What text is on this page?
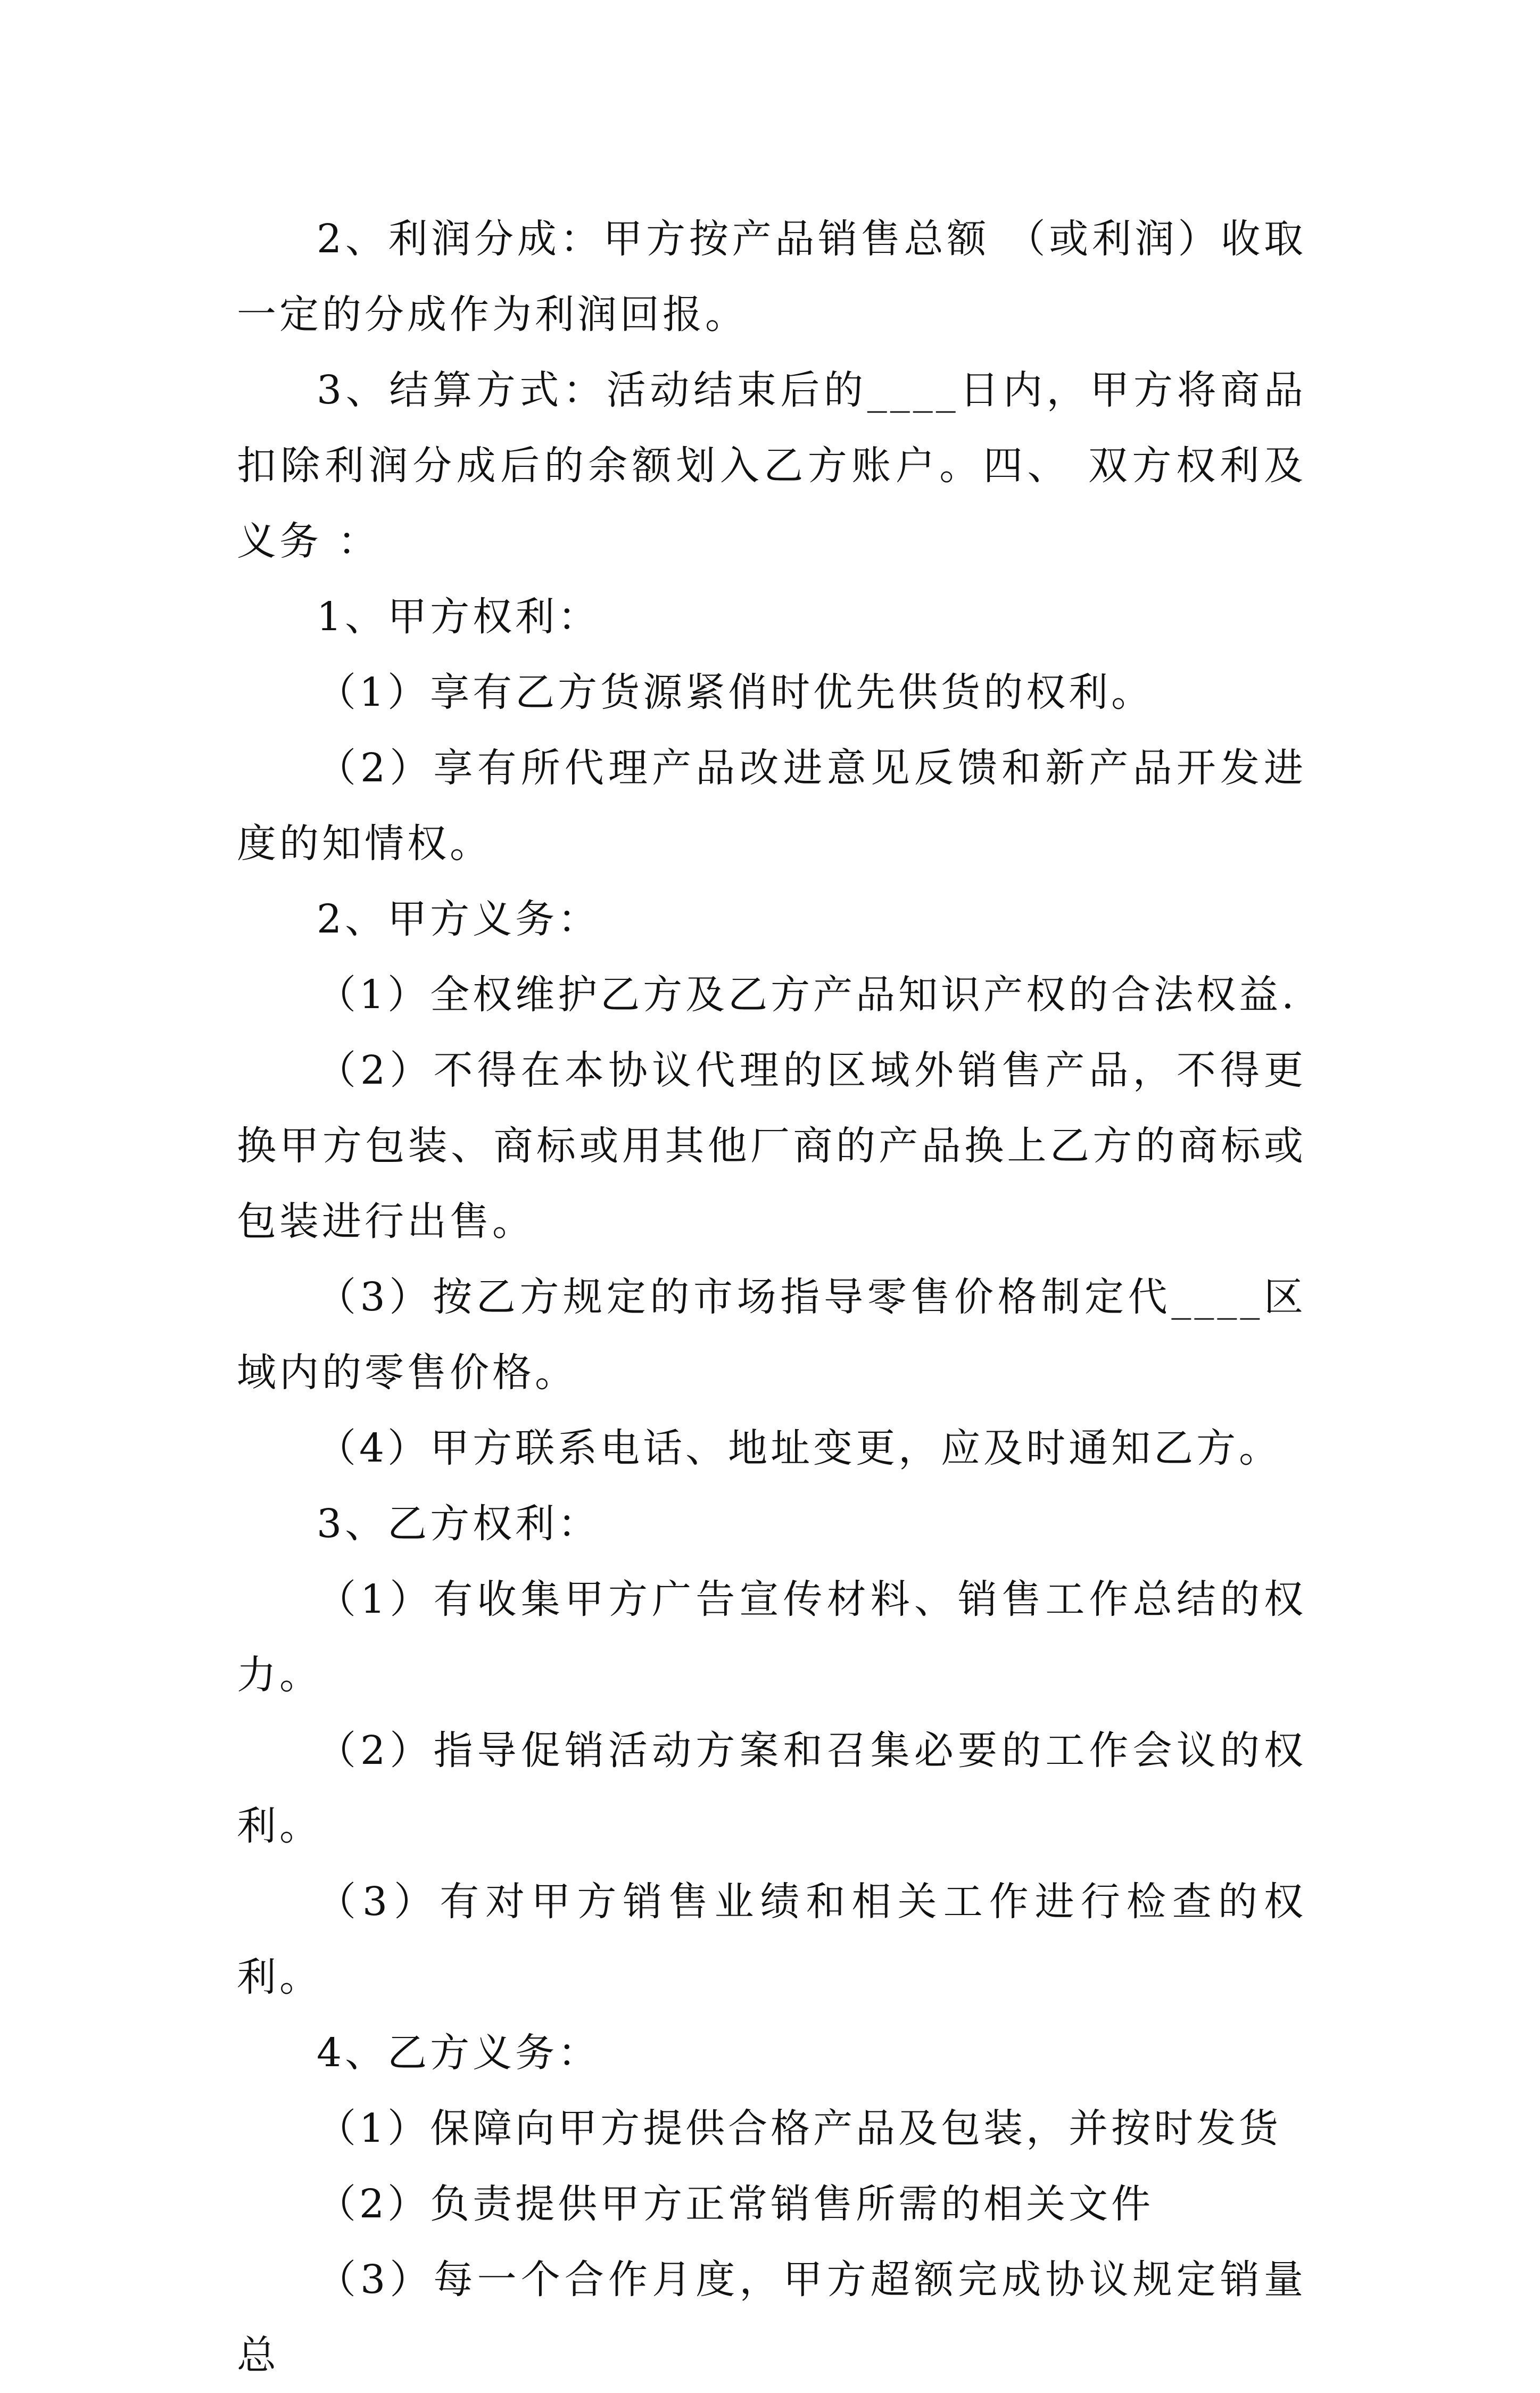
2、利润分成：甲方按产品销售总额 （或利润）收取一定的分成作为利润回报。

3、结算方式：活动结束后的____日内，甲方将商品扣除利润分成后的余额划入乙方账户。四、 双方权利及义务 ：

1、甲方权利：

（1）享有乙方货源紧俏时优先供货的权利。

（2）享有所代理产品改进意见反馈和新产品开发进度的知情权。

2、甲方义务：

（1）全权维护乙方及乙方产品知识产权的合法权益.

（2）不得在本协议代理的区域外销售产品，不得更换甲方包装、商标或用其他厂商的产品换上乙方的商标或包装进行出售。

（3）按乙方规定的市场指导零售价格制定代____区域内的零售价格。

（4）甲方联系电话、地址变更，应及时通知乙方。

3、乙方权利：

（1）有收集甲方广告宣传材料、销售工作总结的权力。

（2）指导促销活动方案和召集必要的工作会议的权利。

（3）有对甲方销售业绩和相关工作进行检查的权利。

4、乙方义务：

（1）保障向甲方提供合格产品及包装，并按时发货

（2）负责提供甲方正常销售所需的相关文件

（3）每一个合作月度，甲方超额完成协议规定销量总
